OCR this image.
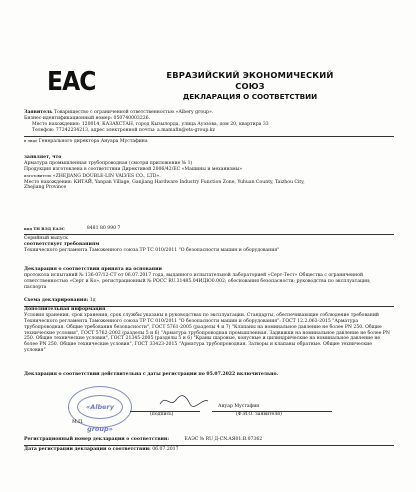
EAC	ЕВРАЗИЙСКИЙ ЭКОНОМИЧЕСКИЙ
СОЮЗ
ДЕКЛАРАЦИЯ О СООТВЕТСТВИИ
Заявитель Товарищество с ограниченной ответственностью «Albery group».
Бизнес-идентификационный номер: 050740003226.
Место нахождения: 120014, КАЗАХСТАН, город Кызылорда, улица Ауэзова, дом 20, квартира 33
Телефон: 77242234213, адрес электронной почты: a.mamafin@ets-group.kz
в лице Генерального директора Ануара Мустафина
заявляет, что
Арматура промышленная трубопроводная (смотри приложение № 1)
Продукция изготовлена в соответствии Директивой 2006/42/EC «Машины и механизмы»
изготовитель «ZHEJIANG DOUBLE-LIN VALVES CO., LTD».
Место нахождения: КИТАЙ, Yanpan Village, Ganjiang Hardware Industry Function Zone, Yuhuan County, Taizhou City,
Zhejiang Province
код ТН ВЭД ЕАЭС	8481 80 990 7
Серийный выпуск
соответствует требованиям
Технического регламента Таможенного союза ТР ТС 010/2011 "О безопасности машин и оборудования"
Декларация о соответствии принята на основании
протокола испытаний № 136-07/12-СТ от 06.07.2017 года, выданного испытательной лабораторией «Серт-Тест» Общества с ограниченной ответственностью «Серт и Ко», регистрационный № POCC RU.31485.04ИДЮ0.002; обоснования безопасности; руководства по эксплуатации; паспорта
Схема декларирования: 1д
Дополнительная информация
Условия хранения, срок хранения, срок службы указаны в руководствах по эксплуатации. Стандарты, обеспечивающие соблюдение требований Технического регламента Таможенного союза ТР ТС 010/2011 "О безопасности машин и оборудования": ГОСТ 12.2.063-2015 "Арматура трубопроводная. Общие требования безопасности", ГОСТ 5761-2005 (разделы 4 и 7) "Клапаны на номинальное давление не более PN 250. Общие технические условия", ГОСТ 5762-2002 (разделы 5 и 6) "Арматура трубопроводная промышленная. Задвижки на номинальное давление не более PN 250. Общие технические условия", ГОСТ 21345-2005 (разделы 5 и 6) "Краны шаровые, конусные и цилиндрические на номинальное давление не более PN 250. Общие технические условия", ГОСТ 33423-2015 "Арматура трубопроводная. Затворы и клапаны обратные. Общие технические условия"
Декларация о соответствии действительна с даты регистрации по 05.07.2022 включительно.
«Albery group»
(подпись)
Ануар Мустафин
(Ф.И.О. заявителя)
М.П.
Регистрационный номер декларации о соответствии:	ЕАЭС № RU Д-CN.AЯ01.B.07362
Дата регистрации декларации о соответствии: 06.07.2017
